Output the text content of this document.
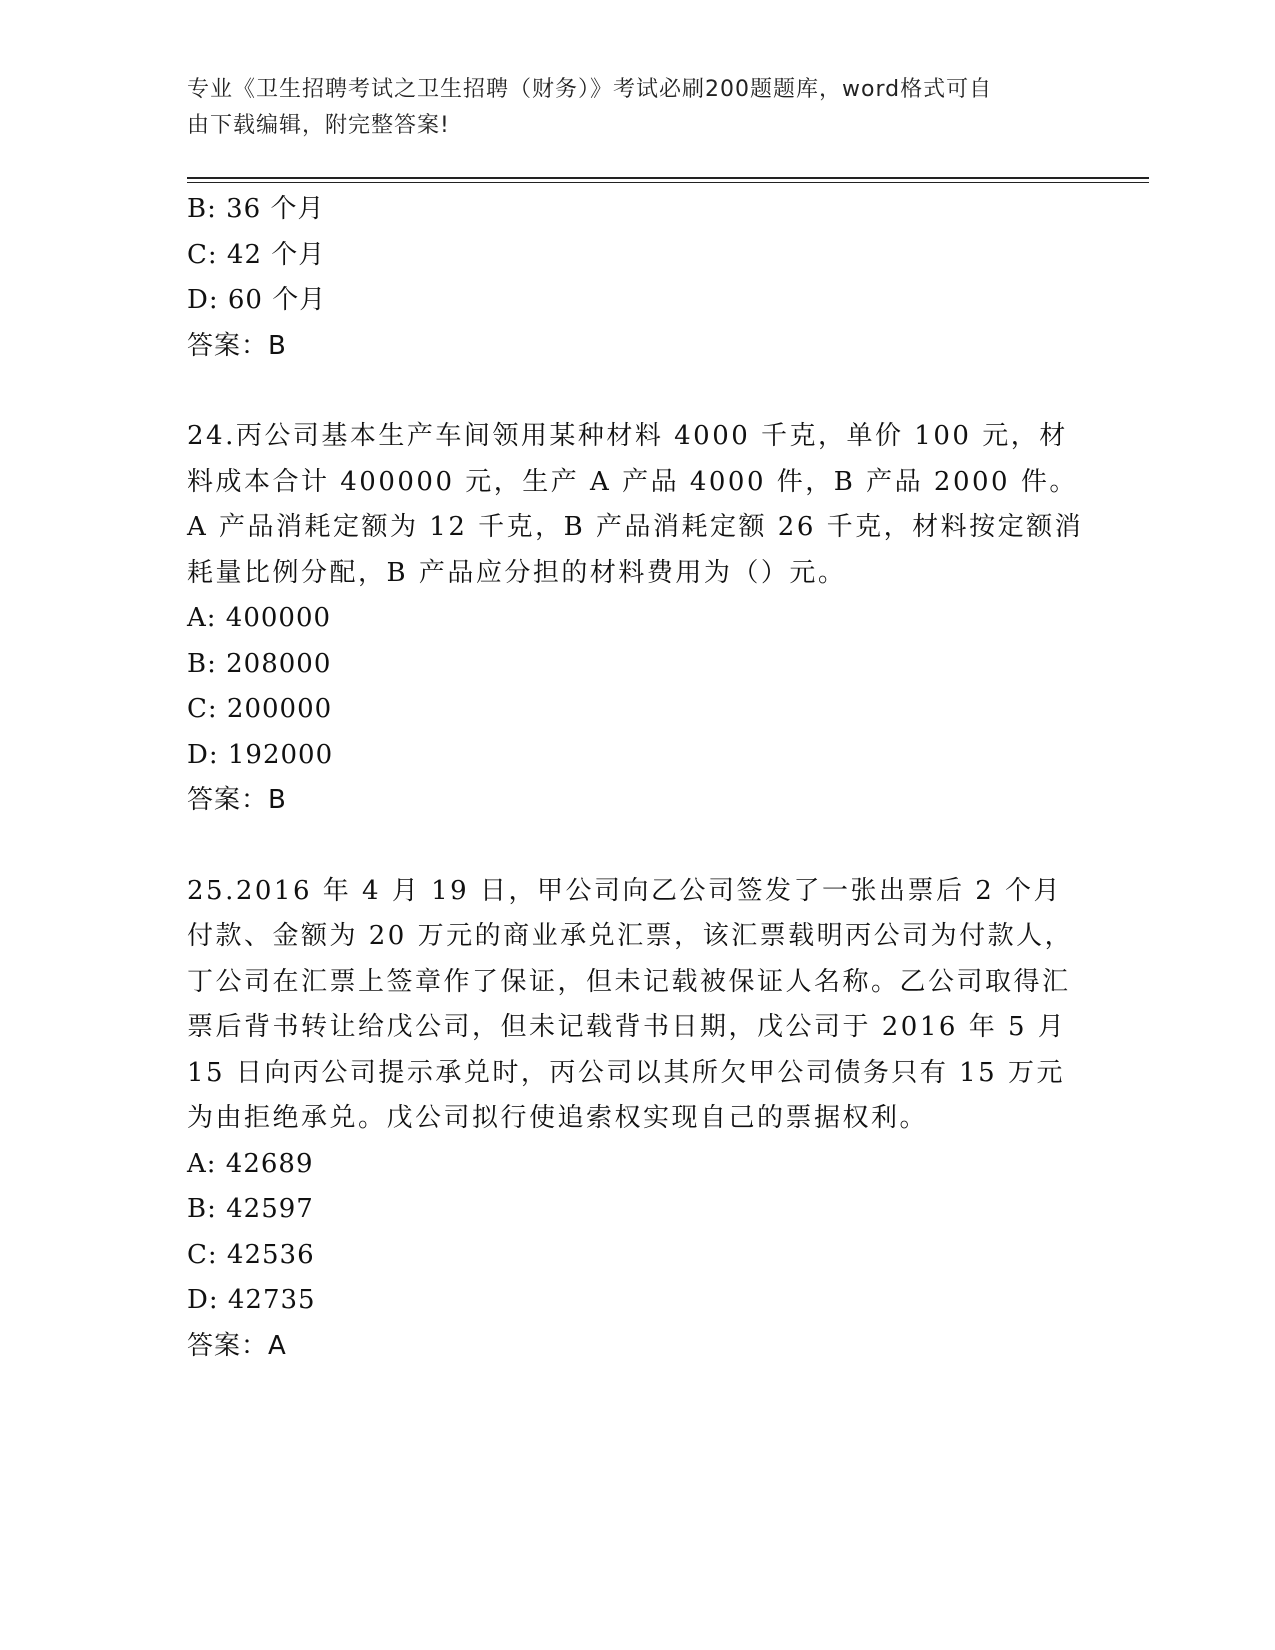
专业《卫生招聘考试之卫生招聘（财务）》考试必刷200题题库，word格式可自
由下载编辑，附完整答案!
B: 36 个月
C: 42 个月
D: 60 个月
答案：B
24.丙公司基本生产车间领用某种材料 4000 千克，单价 100 元，材料成本合计 400000 元，生产 A 产品 4000 件，B 产品 2000 件。A 产品消耗定额为 12 千克，B 产品消耗定额 26 千克，材料按定额消耗量比例分配，B 产品应分担的材料费用为（）元。
A: 400000
B: 208000
C: 200000
D: 192000
答案：B
25.2016 年 4 月 19 日，甲公司向乙公司签发了一张出票后 2 个月付款、金额为 20 万元的商业承兑汇票，该汇票载明丙公司为付款人，丁公司在汇票上签章作了保证，但未记载被保证人名称。乙公司取得汇票后背书转让给戊公司，但未记载背书日期，戊公司于 2016 年 5 月 15 日向丙公司提示承兑时，丙公司以其所欠甲公司债务只有 15 万元为由拒绝承兑。戊公司拟行使追索权实现自己的票据权利。
A: 42689
B: 42597
C: 42536
D: 42735
答案：A
